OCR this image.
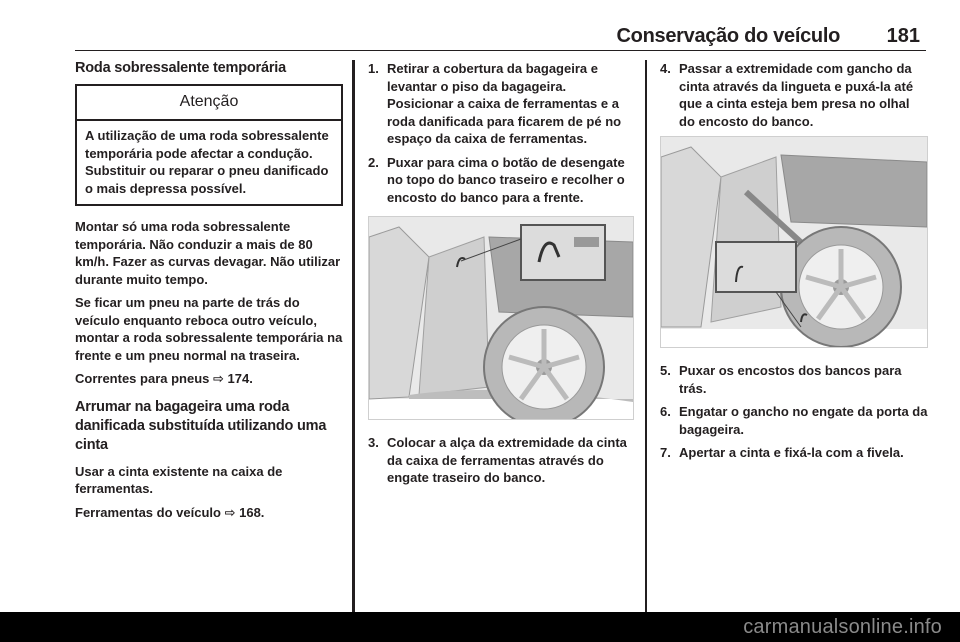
Conservação do veículo 181
Roda sobressalente temporária
Atenção
A utilização de uma roda sobressalente temporária pode afectar a condução. Substituir ou reparar o pneu danificado o mais depressa possível.

Montar só uma roda sobressalente temporária. Não conduzir a mais de 80 km/h. Fazer as curvas devagar. Não utilizar durante muito tempo.

Se ficar um pneu na parte de trás do veículo enquanto reboca outro veículo, montar a roda sobressalente temporária na frente e um pneu normal na traseira.

Correntes para pneus ⇨ 174.

Arrumar na bagageira uma roda danificada substituída utilizando uma cinta

Usar a cinta existente na caixa de ferramentas.

Ferramentas do veículo ⇨ 168.

1. Retirar a cobertura da bagageira e levantar o piso da bagageira. Posicionar a caixa de ferramentas e a roda danificada para ficarem de pé no espaço da caixa de ferramentas.
2. Puxar para cima o botão de desengate no topo do banco traseiro e recolher o encosto do banco para a frente.
3. Colocar a alça da extremidade da cinta da caixa de ferramentas através do engate traseiro do banco.
4. Passar a extremidade com gancho da cinta através da lingueta e puxá-la até que a cinta esteja bem presa no olhal do encosto do banco.
5. Puxar os encostos dos bancos para trás.
6. Engatar o gancho no engate da porta da bagageira.
7. Apertar a cinta e fixá-la com a fivela.
carmanualsonline.info
